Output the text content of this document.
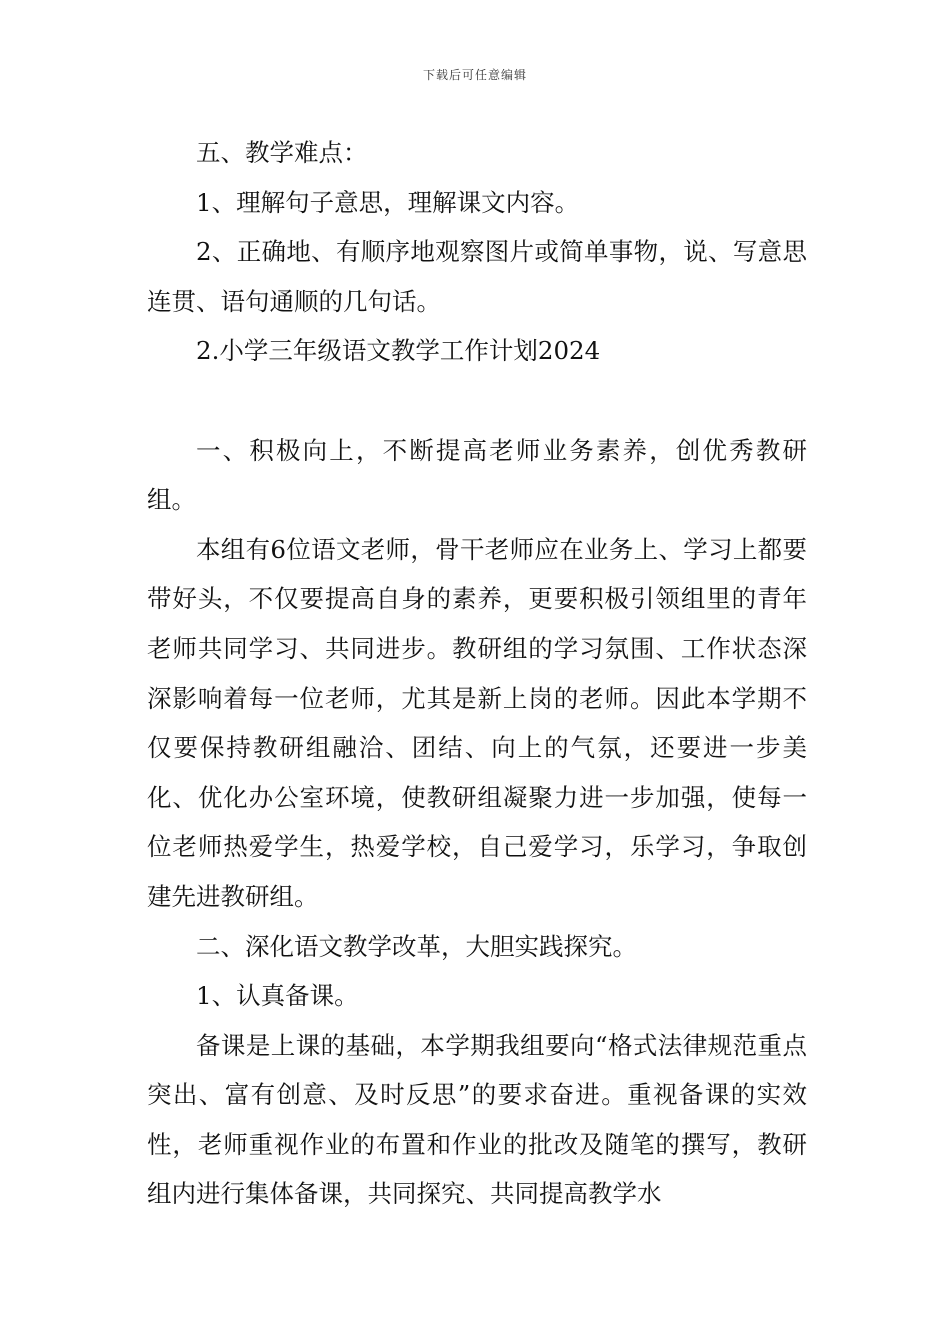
下载后可任意编辑

五、教学难点：

1、理解句子意思，理解课文内容。

2、正确地、有顺序地观察图片或简单事物，说、写意思连贯、语句通顺的几句话。

2.小学三年级语文教学工作计划2024

一、积极向上，不断提高老师业务素养，创优秀教研组。

本组有6位语文老师，骨干老师应在业务上、学习上都要带好头，不仅要提高自身的素养，更要积极引领组里的青年老师共同学习、共同进步。教研组的学习氛围、工作状态深深影响着每一位老师，尤其是新上岗的老师。因此本学期不仅要保持教研组融洽、团结、向上的气氛，还要进一步美化、优化办公室环境，使教研组凝聚力进一步加强，使每一位老师热爱学生，热爱学校，自己爱学习，乐学习，争取创建先进教研组。

二、深化语文教学改革，大胆实践探究。

1、认真备课。

备课是上课的基础，本学期我组要向“格式法律规范重点突出、富有创意、及时反思”的要求奋进。重视备课的实效性，老师重视作业的布置和作业的批改及随笔的撰写，教研组内进行集体备课，共同探究、共同提高教学水
